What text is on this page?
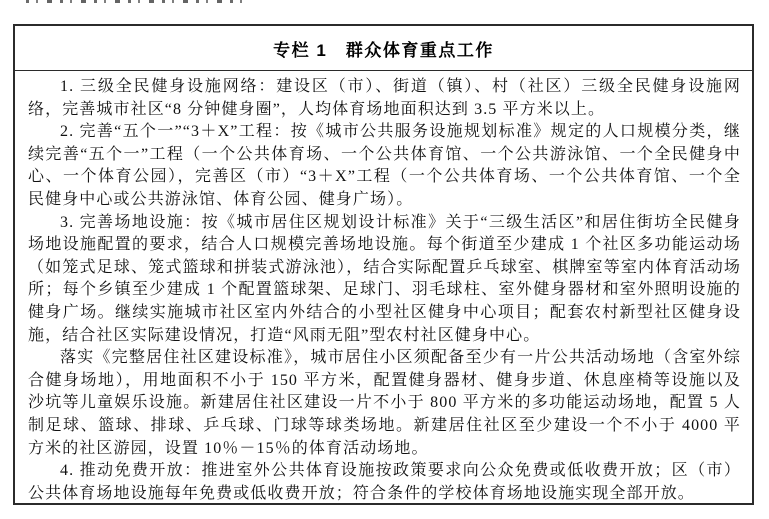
专栏 1　群众体育重点工作

1. 三级全民健身设施网络：建设区（市）、街道（镇）、村（社区）三级全民健身设施网络，完善城市社区“8 分钟健身圈”，人均体育场地面积达到 3.5 平方米以上。

2. 完善“五个一”“3＋X”工程：按《城市公共服务设施规划标准》规定的人口规模分类，继续完善“五个一”工程（一个公共体育场、一个公共体育馆、一个公共游泳馆、一个全民健身中心、一个体育公园），完善区（市）“3＋X”工程（一个公共体育场、一个公共体育馆、一个全民健身中心或公共游泳馆、体育公园、健身广场）。

3. 完善场地设施：按《城市居住区规划设计标准》关于“三级生活区”和居住街坊全民健身场地设施配置的要求，结合人口规模完善场地设施。每个街道至少建成 1 个社区多功能运动场（如笼式足球、笼式篮球和拼装式游泳池），结合实际配置乒乓球室、棋牌室等室内体育活动场所；每个乡镇至少建成 1 个配置篮球架、足球门、羽毛球柱、室外健身器材和室外照明设施的健身广场。继续实施城市社区室内外结合的小型社区健身中心项目；配套农村新型社区健身设施，结合社区实际建设情况，打造“风雨无阻”型农村社区健身中心。

落实《完整居住社区建设标准》，城市居住小区须配备至少有一片公共活动场地（含室外综合健身场地），用地面积不小于 150 平方米，配置健身器材、健身步道、休息座椅等设施以及沙坑等儿童娱乐设施。新建居住社区建设一片不小于 800 平方米的多功能运动场地，配置 5 人制足球、篮球、排球、乒乓球、门球等球类场地。新建居住社区至少建设一个不小于 4000 平方米的社区游园，设置 10％－15％的体育活动场地。

4. 推动免费开放：推进室外公共体育设施按政策要求向公众免费或低收费开放；区（市）公共体育场地设施每年免费或低收费开放；符合条件的学校体育场地设施实现全部开放。
